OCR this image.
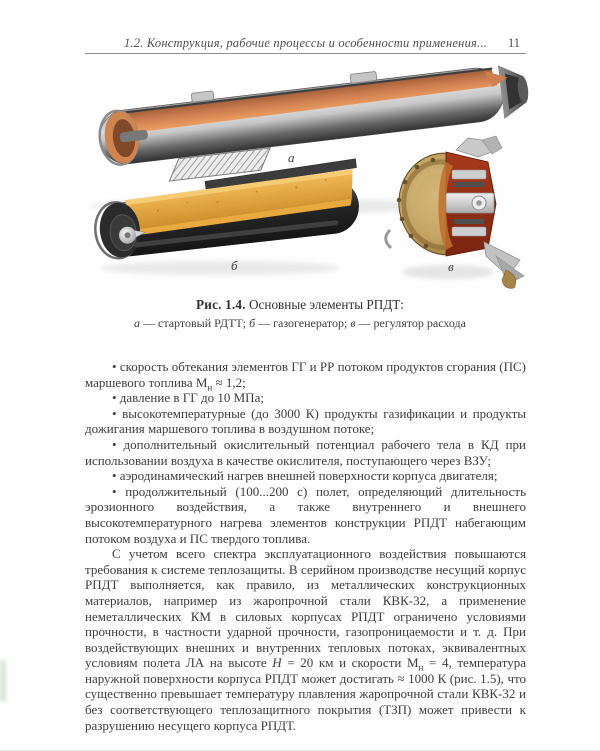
1.2. Конструкция, рабочие процессы и особенности применения...	11
а
б	в
Рис. 1.4. Основные элементы РПДТ:
а — стартовый РДТТ; б — газогенератор; в — регулятор расхода

• скорость обтекания элементов ГГ и РР потоком продуктов сгорания (ПС) маршевого топлива $М_н \approx 1,2$;

• давление в ГГ до 10 МПа;

• высокотемпературные (до 3000 К) продукты газификации и продукты дожигания маршевого топлива в воздушном потоке;

• дополнительный окислительный потенциал рабочего тела в КД при использовании воздуха в качестве окислителя, поступающего через ВЗУ;

• аэродинамический нагрев внешней поверхности корпуса двигателя;

• продолжительный (100...200 с) полет, определяющий длительность эрозионного воздействия, а также внутреннего и внешнего высокотемпературного нагрева элементов конструкции РПДТ набегающим потоком воздуха и ПС твердого топлива.

С учетом всего спектра эксплуатационного воздействия повышаются требования к системе теплозащиты. В серийном производстве несущий корпус РПДТ выполняется, как правило, из металлических конструкционных материалов, например из жаропрочной стали КВК-32, а применение неметаллических КМ в силовых корпусах РПДТ ограничено условиями прочности, в частности ударной прочности, газопроницаемости и т. д. При воздействующих внешних и внутренних тепловых потоках, эквивалентных условиям полета ЛА на высоте H = 20 км и скорости $М_н = 4$, температура наружной поверхности корпуса РПДТ может достигать ≈ 1000 К (рис. 1.5), что существенно превышает температуру плавления жаропрочной стали КВК-32 и без соответствующего теплозащитного покрытия (ТЗП) может привести к разрушению несущего корпуса РПДТ.
